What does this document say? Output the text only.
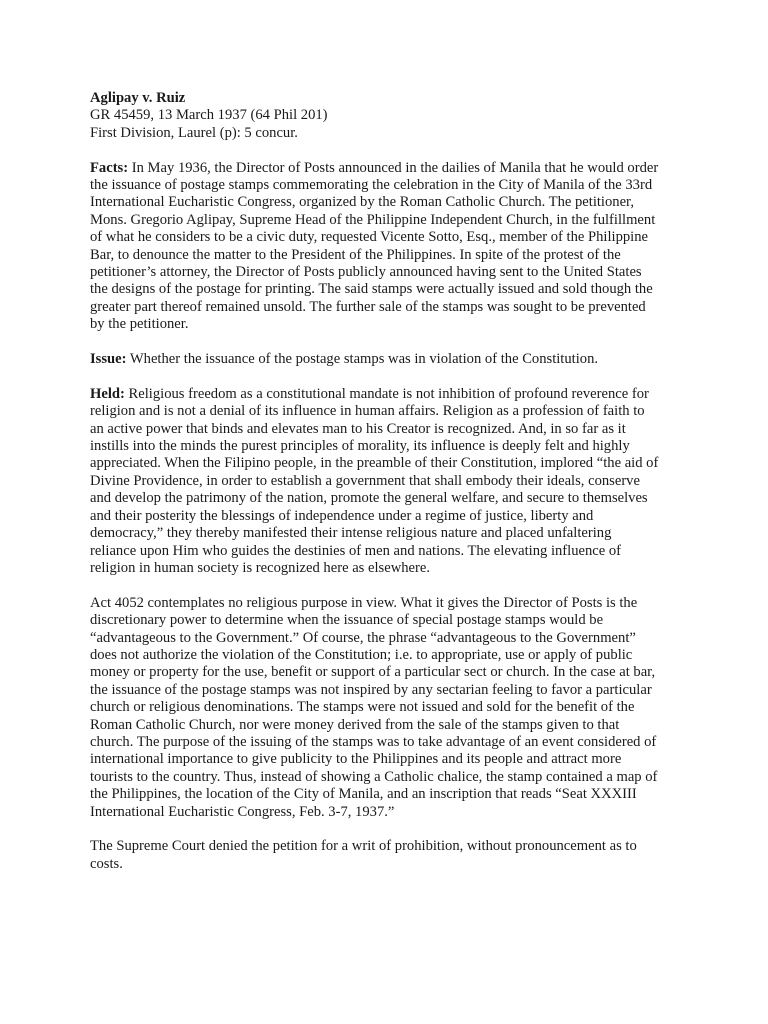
Aglipay v. Ruiz
GR 45459, 13 March 1937 (64 Phil 201)
First Division, Laurel (p): 5 concur.
Facts: In May 1936, the Director of Posts announced in the dailies of Manila that he would order
the issuance of postage stamps commemorating the celebration in the City of Manila of the 33rd
International Eucharistic Congress, organized by the Roman Catholic Church. The petitioner,
Mons. Gregorio Aglipay, Supreme Head of the Philippine Independent Church, in the fulfillment
of what he considers to be a civic duty, requested Vicente Sotto, Esq., member of the Philippine
Bar, to denounce the matter to the President of the Philippines. In spite of the protest of the
petitioner’s attorney, the Director of Posts publicly announced having sent to the United States
the designs of the postage for printing. The said stamps were actually issued and sold though the
greater part thereof remained unsold. The further sale of the stamps was sought to be prevented
by the petitioner.
Issue: Whether the issuance of the postage stamps was in violation of the Constitution.
Held: Religious freedom as a constitutional mandate is not inhibition of profound reverence for
religion and is not a denial of its influence in human affairs. Religion as a profession of faith to
an active power that binds and elevates man to his Creator is recognized. And, in so far as it
instills into the minds the purest principles of morality, its influence is deeply felt and highly
appreciated. When the Filipino people, in the preamble of their Constitution, implored “the aid of
Divine Providence, in order to establish a government that shall embody their ideals, conserve
and develop the patrimony of the nation, promote the general welfare, and secure to themselves
and their posterity the blessings of independence under a regime of justice, liberty and
democracy,” they thereby manifested their intense religious nature and placed unfaltering
reliance upon Him who guides the destinies of men and nations. The elevating influence of
religion in human society is recognized here as elsewhere.
Act 4052 contemplates no religious purpose in view. What it gives the Director of Posts is the
discretionary power to determine when the issuance of special postage stamps would be
“advantageous to the Government.” Of course, the phrase “advantageous to the Government”
does not authorize the violation of the Constitution; i.e. to appropriate, use or apply of public
money or property for the use, benefit or support of a particular sect or church. In the case at bar,
the issuance of the postage stamps was not inspired by any sectarian feeling to favor a particular
church or religious denominations. The stamps were not issued and sold for the benefit of the
Roman Catholic Church, nor were money derived from the sale of the stamps given to that
church. The purpose of the issuing of the stamps was to take advantage of an event considered of
international importance to give publicity to the Philippines and its people and attract more
tourists to the country. Thus, instead of showing a Catholic chalice, the stamp contained a map of
the Philippines, the location of the City of Manila, and an inscription that reads “Seat XXXIII
International Eucharistic Congress, Feb. 3-7, 1937.”
The Supreme Court denied the petition for a writ of prohibition, without pronouncement as to
costs.
